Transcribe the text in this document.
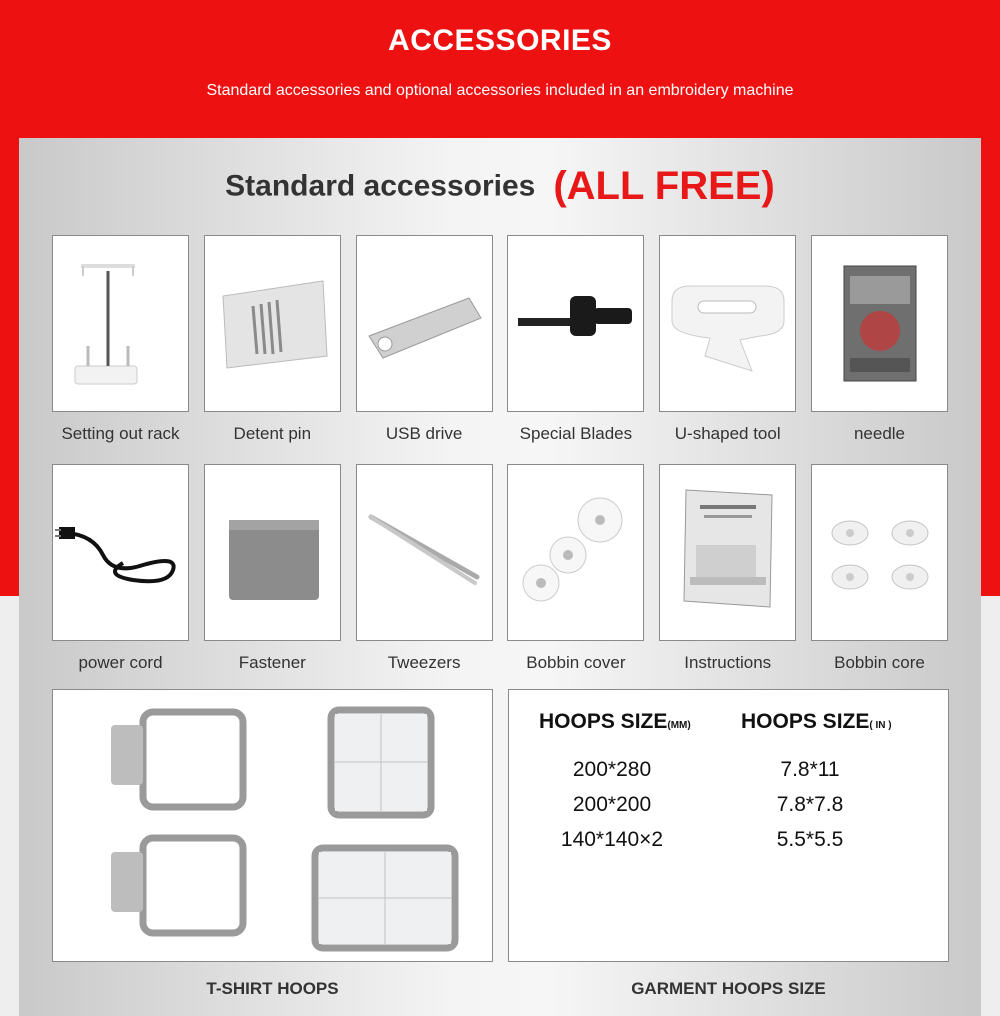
ACCESSORIES

Standard accessories and optional accessories included in an embroidery machine

Standard accessories (ALL FREE)
Setting out rack	Detent pin	USB drive	Special Blades	U-shaped tool	needle
power cord	Fastener	Tweezers	Bobbin cover	Instructions	Bobbin core
T-SHIRT HOOPS
HOOPS SIZE(MM) HOOPS SIZE( IN )
200*280	7.8*11
200*200	7.8*7.8
140*140×2	5.5*5.5
GARMENT HOOPS SIZE
